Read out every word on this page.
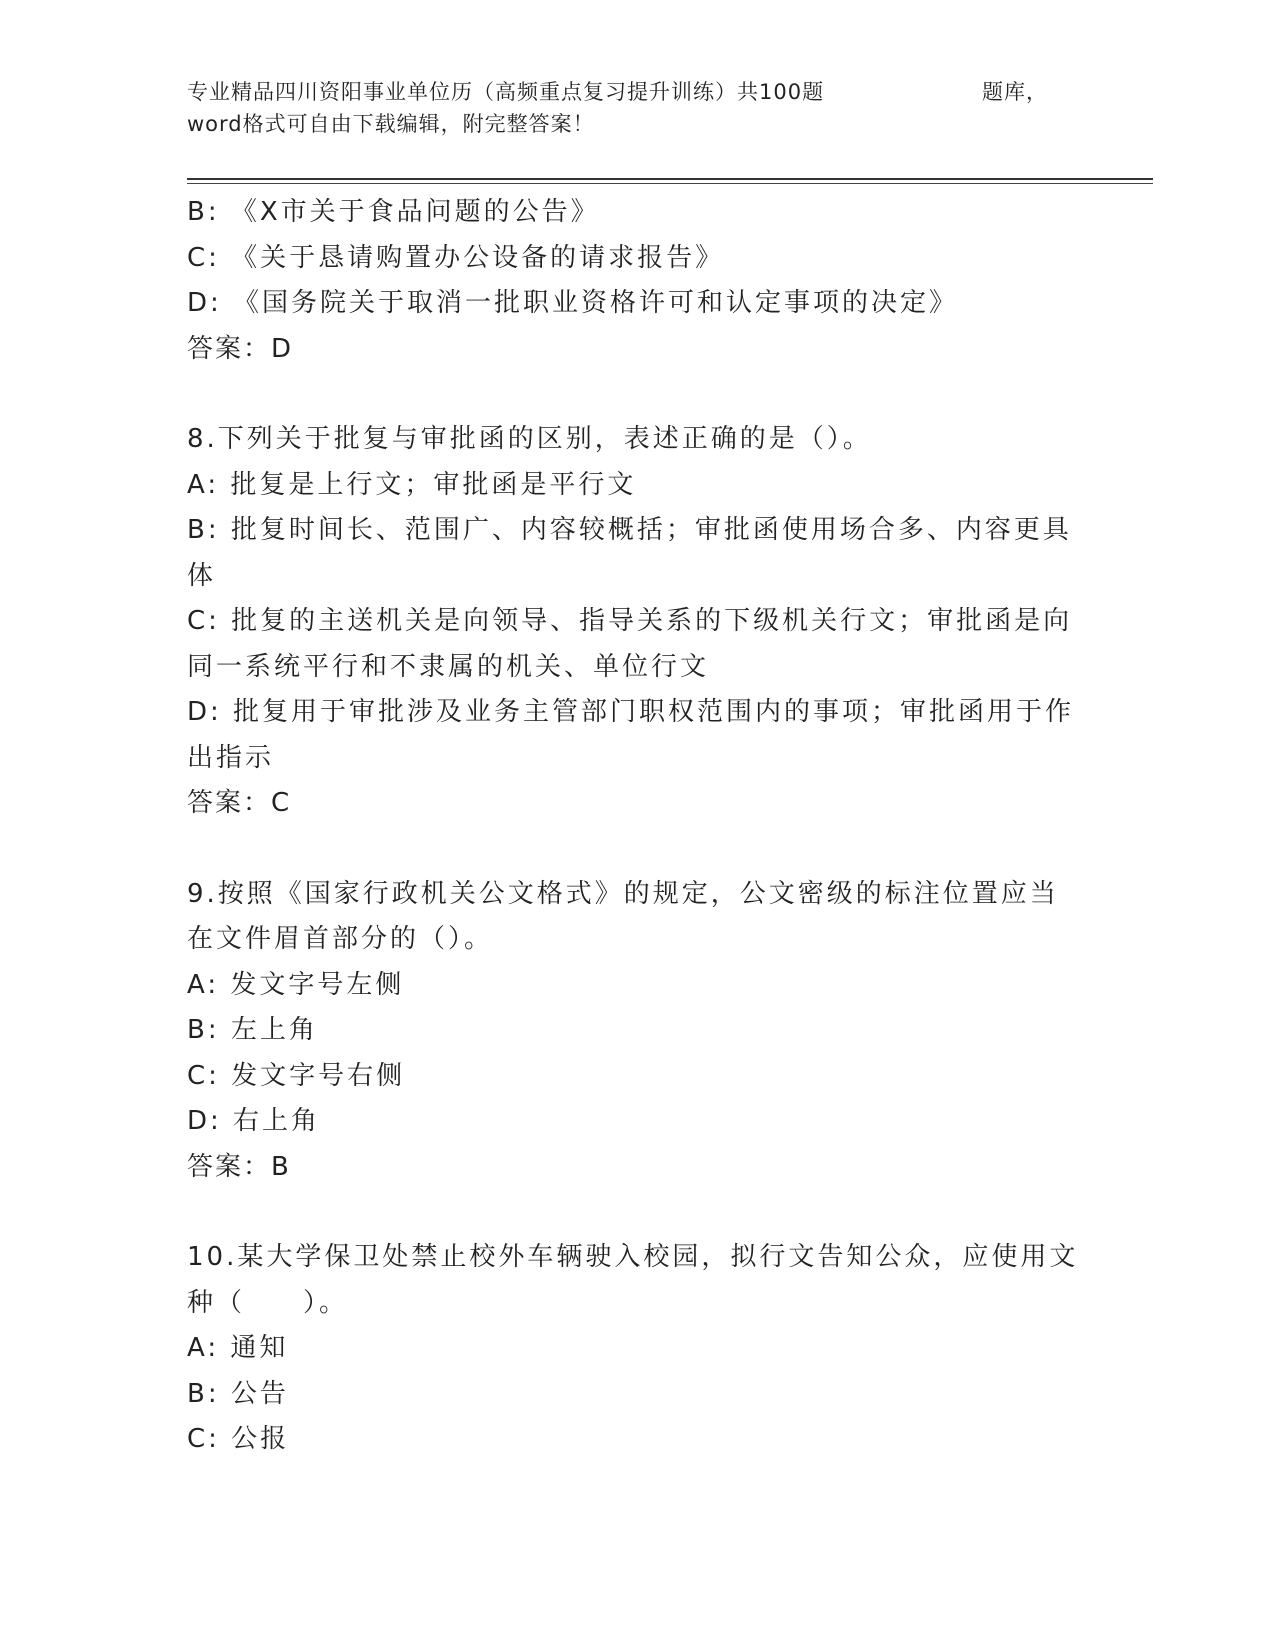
专业精品四川资阳事业单位历（高频重点复习提升训练）共100题	题库，
word格式可自由下载编辑，附完整答案！
B: 《X市关于食品问题的公告》
C: 《关于恳请购置办公设备的请求报告》
D: 《国务院关于取消一批职业资格许可和认定事项的决定》
答案：D
8.下列关于批复与审批函的区别，表述正确的是（）。
A: 批复是上行文；审批函是平行文
B: 批复时间长、范围广、内容较概括；审批函使用场合多、内容更具
体
C: 批复的主送机关是向领导、指导关系的下级机关行文；审批函是向
同一系统平行和不隶属的机关、单位行文
D: 批复用于审批涉及业务主管部门职权范围内的事项；审批函用于作
出指示
答案：C
9.按照《国家行政机关公文格式》的规定，公文密级的标注位置应当
在文件眉首部分的（）。
A: 发文字号左侧
B: 左上角
C: 发文字号右侧
D: 右上角
答案：B
10.某大学保卫处禁止校外车辆驶入校园，拟行文告知公众，应使用文
种（　　）。
A: 通知
B: 公告
C: 公报
